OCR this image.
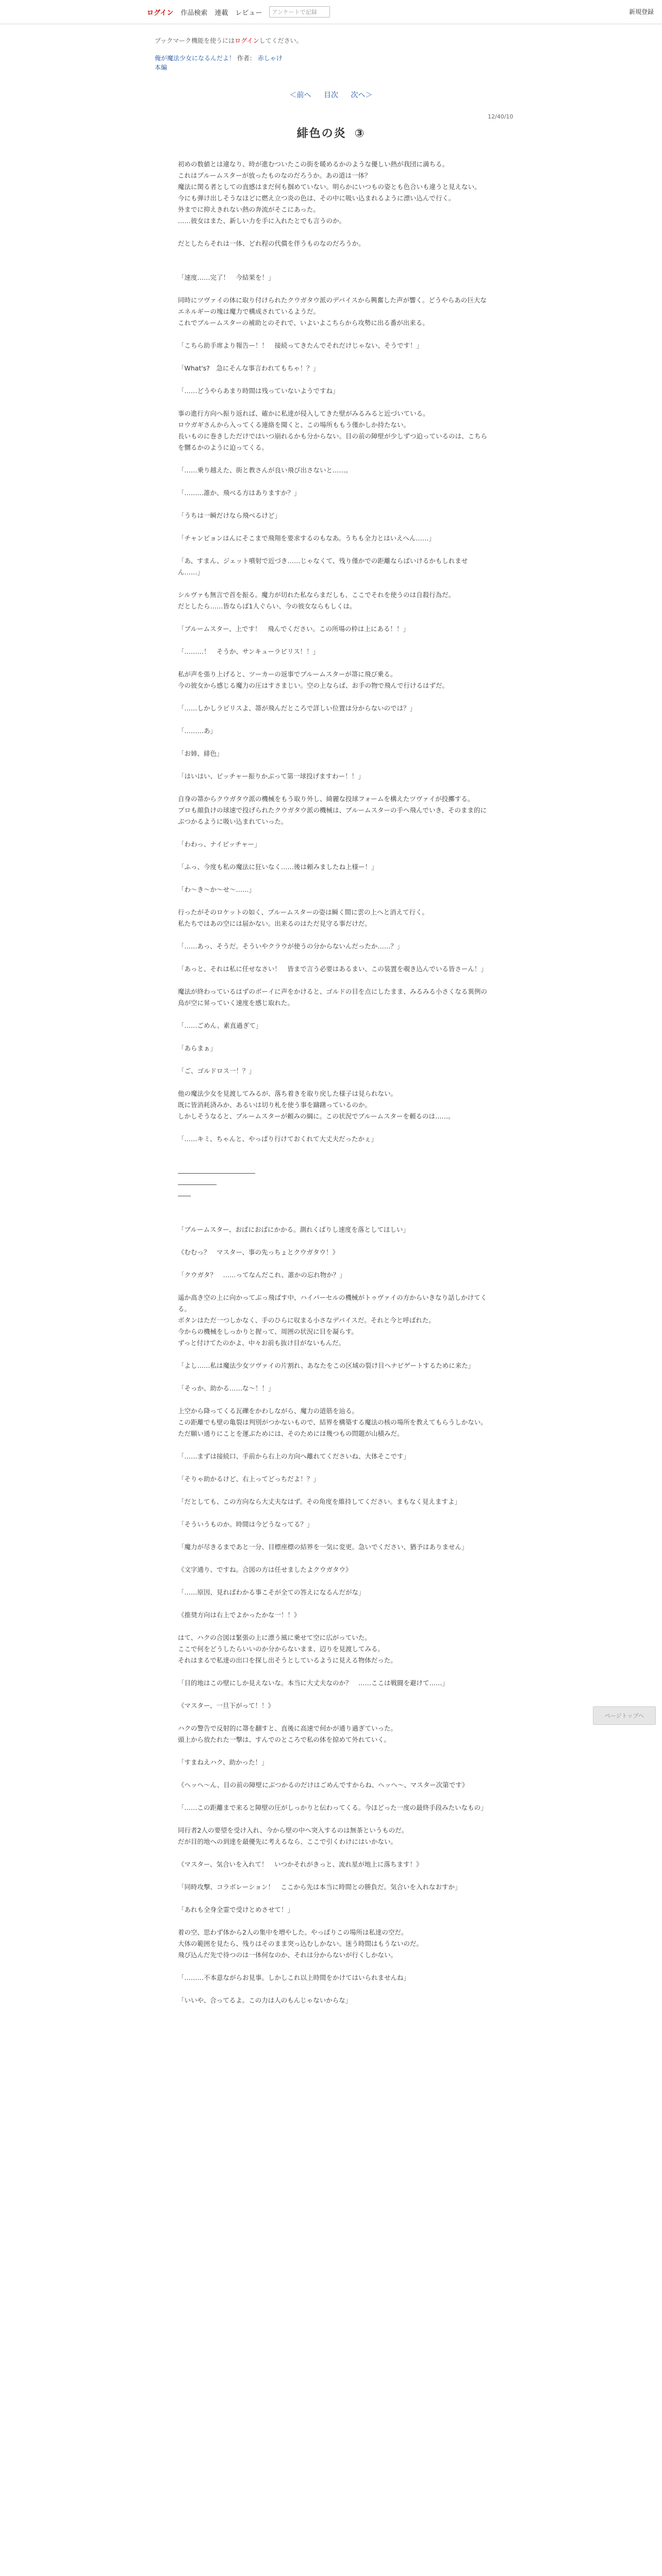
ログイン 作品検索 連載 レビュー	アンケートで記録	新規登録
ブックマーク機能を使うにはログインしてください。
俺が魔法少女になるんだよ！ 作者： 赤しゃけ
本編
＜前へ 目次 次へ＞
12/40/10
緋色の炎 ③

初めの数値とは違なり、時が進むついたこの街を暖めるかのような優しい熱が我団に満ちる。

これはブルームスターが放ったものなのだろうか。あの道は一体？

魔法に関る者としての直感はまだ何も掴めていない。明らかにいつもの姿とも色合いも違うと見えない。

今にも弾け出しそうなほどに燃え立つ炎の色は、その中に吸い込まれるように漂い込んで行く。

外までに抑えきれない熱の奔流がそこにあった。

……彼女はまた、新しい力を手に入れたとでも言うのか。

だとしたらそれは一体、どれ程の代償を伴うものなのだろうか。

「速度……完了！　今結果を！」

同時にツヴァイの体に取り付けられたクウガタウ派のデバイスから興奮した声が響く。どうやらあの巨大なエネルギーの塊は魔力で構成されているようだ。

これでブルームスターの補助とのそれで、いよいよこちらから攻勢に出る番が出来る。

「こちら助手席より報告ー！！　接続ってきたんでそれだけじゃない、そうです！」

「What's?　急にそんな事言われてもちゃ！？」

「……どうやらあまり時間は残っていないようですね」

事の進行方向へ振り返れば、確かに私達が侵入してきた壁がみるみると近づいている。

ロウガギさんから入ってくる連絡を聞くと、この場所ももう僅かしか持たない。

長いものに巻きしただけではいつ崩れるかも分からない。目の前の障壁が少しずつ迫っているのは、こちらを嬲るかのように迫ってくる。

「……乗り越えた、街と教さんが良い飛び出さないと……。

「………誰か、飛べる方はありますか？」

「うちは一瞬だけなら飛べるけど」

「チャンピョンはんにそこまで飛翔を要求するのもなあ。うちも全力とはいえへん……」

「あ、すまん、ジェット噴射で近づき……じゃなくて、残り僅かでの距離ならばいけるかもしれません……」

シルヴァも無言で首を振る。魔力が切れた私ならまだしも、ここでそれを使うのは自殺行為だ。

だとしたら……皆ならば1人ぐらい、今の彼女ならもしくは。

「ブルームスター、上です！　飛んでください。この所場の枠は上にある！！」

「………！　そうか、サンキューラビリス！！」

私が声を張り上げると、ツーカーの返事でブルームスターが箒に飛び乗る。

今の彼女から感じる魔力の圧はすさまじい。空の上ならば、お手の物で飛んで行けるはずだ。

「……しかしラピリスよ、箒が飛んだところで詳しい位置は分からないのでは？」

「………あ」

「お姉、緋色」

「はいはい、ピッチャー振りかぶって第一球投げますわー！！」

自身の箒からクウガタウ派の機械をもう取り外し、綺麗な投球フォームを構えたツヴァイが投擲する。

プロも顔負けの球速で投げられたクウガタウ派の機械は、ブルームスターの手へ飛んでいき、そのまま的にぶつかるように吸い込まれていった。

「わわっ、ナイピッチャー」

「ふっ、今度も私の魔法に狂いなく……後は頼みましたね上様ー！」

「わ～き～か～せ～……」

行ったがそのロケットの如く、ブルームスターの姿は瞬く間に雲の上へと消えて行く。

私たちではあの空には届かない。出来るのはただ見守る事だけだ。

「……あっ、そうだ。そういやクラウが使うの分からないんだったか……？」

「あっと、それは私に任せなさい！　皆まで言う必要はあるまい、この装置を覗き込んでいる皆さーん！」

魔法が終わっているはずのボーイに声をかけると、ゴルドの目を点にしたまま、みるみる小さくなる異例の鳥が空に昇っていく速度を感じ取れた。

「……ごめん、素直過ぎて」

「あらまぁ」

「ご、ゴルドロス一！？」

他の魔法少女を見渡してみるが、落ち着きを取り戻した様子は見られない。

既に皆消耗済みか、あるいは切り札を使う事を躊躇っているのか。

しかしそうなると、ブルームスターが頼みの綱に。この状況でブルームスターを頼るのは……。

「……キミ、ちゃんと、やっぱり行けておくれて大丈夫だったかぇ」

――――――――――――

――――――

――

「ブルームスター、おばにおばにかかる。測れくばりし速度を落としてほしい」

《むむっ？　マスター、事の先っちょとクウガタウ！》

「クウガタ？　……ってなんだこれ、誰かの忘れ物か？」

遥か高き空の上に向かってぶっ飛ばす中、ハイパーセルの機械がトゥヴァイの方からいきなり話しかけてくる。

ボタンはただ一つしかなく、手のひらに収まる小さなデバイスだ。それと今と呼ばれた。

今からの機械をしっかりと握って、周囲の状況に目を凝らす。

ずっと付けてたのかよ、中々お前も抜け目がないもんだ。

「よし……私は魔法少女ツヴァイの片割れ、あなたをこの区域の裂け目へナビゲートするために来た」

「そっか、助かる……な～！！」

上空から降ってくる瓦礫をかわしながら、魔力の道筋を辿る。

この距離でも壁の亀裂は判別がつかないもので、結界を構築する魔法の核の場所を教えてもらうしかない。

ただ願い通りにことを運ぶためには、そのためには幾つもの問題が山積みだ。

「……まずは接続口、手前から右上の方向へ離れてくださいね、大体そこです」

「そりゃ助かるけど、右上ってどっちだよ！？」

「だとしても、この方向なら大丈夫なはず。その角度を維持してください。まもなく見えますよ」

「そういうものか。時間は今どうなってる？」

「魔力が尽きるまであと一分、目標座標の結界を一気に変更。急いでください、猶予はありません」

《文字通り、ですね。合図の方は任せましたよクウガタウ》

「……原因、見ればわかる事こそが全ての答えになるんだがな」

《推奨方向は右上でよかったかな一！！》

はて、ハクの合図は緊張の上に漂う風に乗せて空に広がっていた。

ここで何をどうしたらいいのか分からないまま、辺りを見渡してみる。

それはまるで私達の出口を探し出そうとしているように見える物体だった。

「目的地はこの壁にしか見えないな。本当に大丈夫なのか？　……ここは戦闘を避けて……」

《マスター、一旦下がって！！》

ハクの警告で反射的に箒を翻すと、直後に高速で何かが通り過ぎていった。

頭上から放たれた一撃は、すんでのところで私の体を掠めて外れていく。

「すまねえハク、助かった！」

《ヘッヘ～ん、目の前の障壁にぶつかるのだけはごめんですからね、ヘッヘ～、マスター次第です》

「……この距離まで来ると障壁の圧がしっかりと伝わってくる。今ほどった一度の最終手段みたいなもの」

同行者2人の要望を受け入れ、今から壁の中へ突入するのは無茶というものだ。

だが目的地への到達を最優先に考えるなら、ここで引くわけにはいかない。

《マスター、気合いを入れて！　いつかそれがきっと、流れ星が地上に落ちます！》

「同時攻撃、コラボレーション！　ここから先は本当に時間との勝負だ。気合いを入れなおすか」

「あれも全身全霊で受けとめさせて！」

着の空、思わず体から2人の集中を増やした。やっぱりこの場所は私達の空だ。

大体の範囲を見たら、残りはそのまま突っ込むしかない。迷う時間はもうないのだ。

飛び込んだ先で待つのは一体何なのか、それは分からないが行くしかない。

「………不本意ながらお見事。しかしこれ以上時間をかけてはいられませんね」

「いいや、合ってるよ。この力は人のもんじゃないからな」

ページトップへ
